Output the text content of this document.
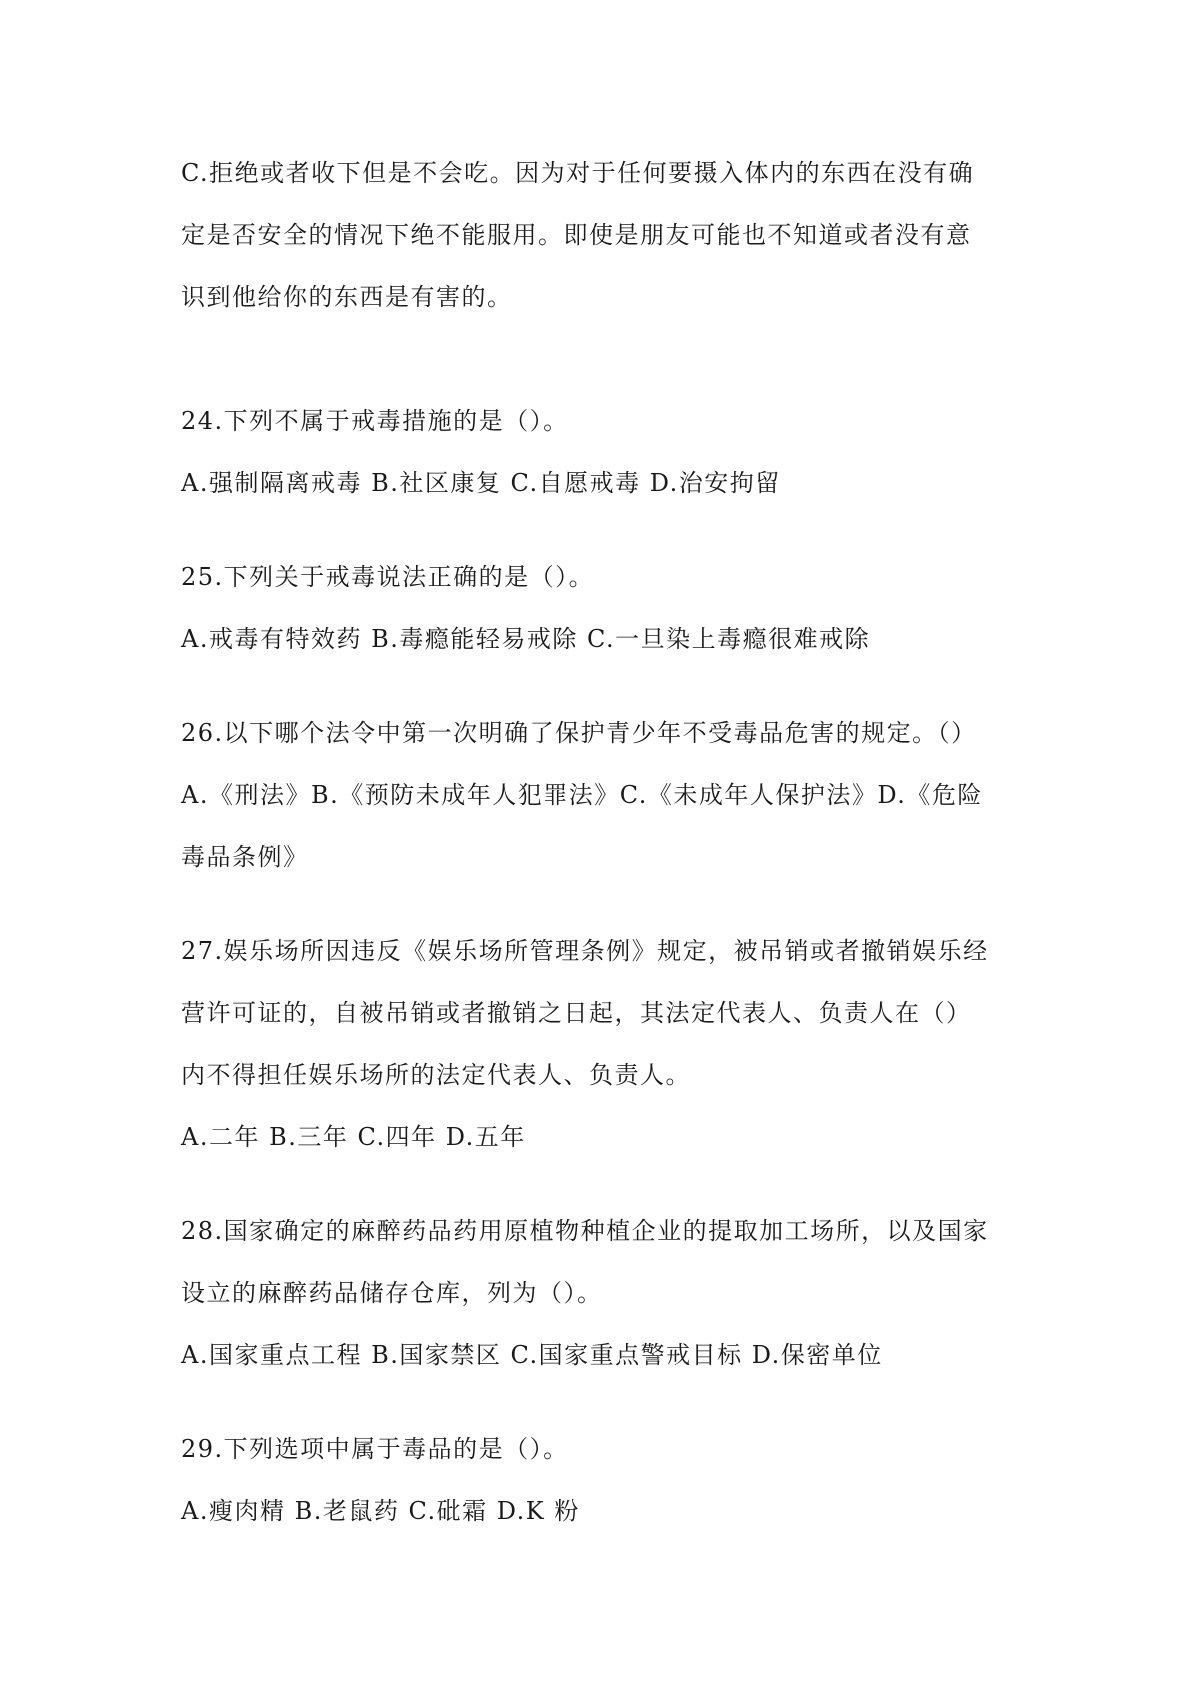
C.拒绝或者收下但是不会吃。因为对于任何要摄入体内的东西在没有确
定是否安全的情况下绝不能服用。即使是朋友可能也不知道或者没有意
识到他给你的东西是有害的。
24.下列不属于戒毒措施的是（）。
A.强制隔离戒毒 B.社区康复 C.自愿戒毒 D.治安拘留
25.下列关于戒毒说法正确的是（）。
A.戒毒有特效药 B.毒瘾能轻易戒除 C.一旦染上毒瘾很难戒除
26.以下哪个法令中第一次明确了保护青少年不受毒品危害的规定。（）
A.《刑法》B.《预防未成年人犯罪法》C.《未成年人保护法》D.《危险
毒品条例》
27.娱乐场所因违反《娱乐场所管理条例》规定，被吊销或者撤销娱乐经
营许可证的，自被吊销或者撤销之日起，其法定代表人、负责人在（）
内不得担任娱乐场所的法定代表人、负责人。
A.二年 B.三年 C.四年 D.五年
28.国家确定的麻醉药品药用原植物种植企业的提取加工场所，以及国家
设立的麻醉药品储存仓库，列为（）。
A.国家重点工程 B.国家禁区 C.国家重点警戒目标 D.保密单位
29.下列选项中属于毒品的是（）。
A.瘦肉精 B.老鼠药 C.砒霜 D.K 粉
